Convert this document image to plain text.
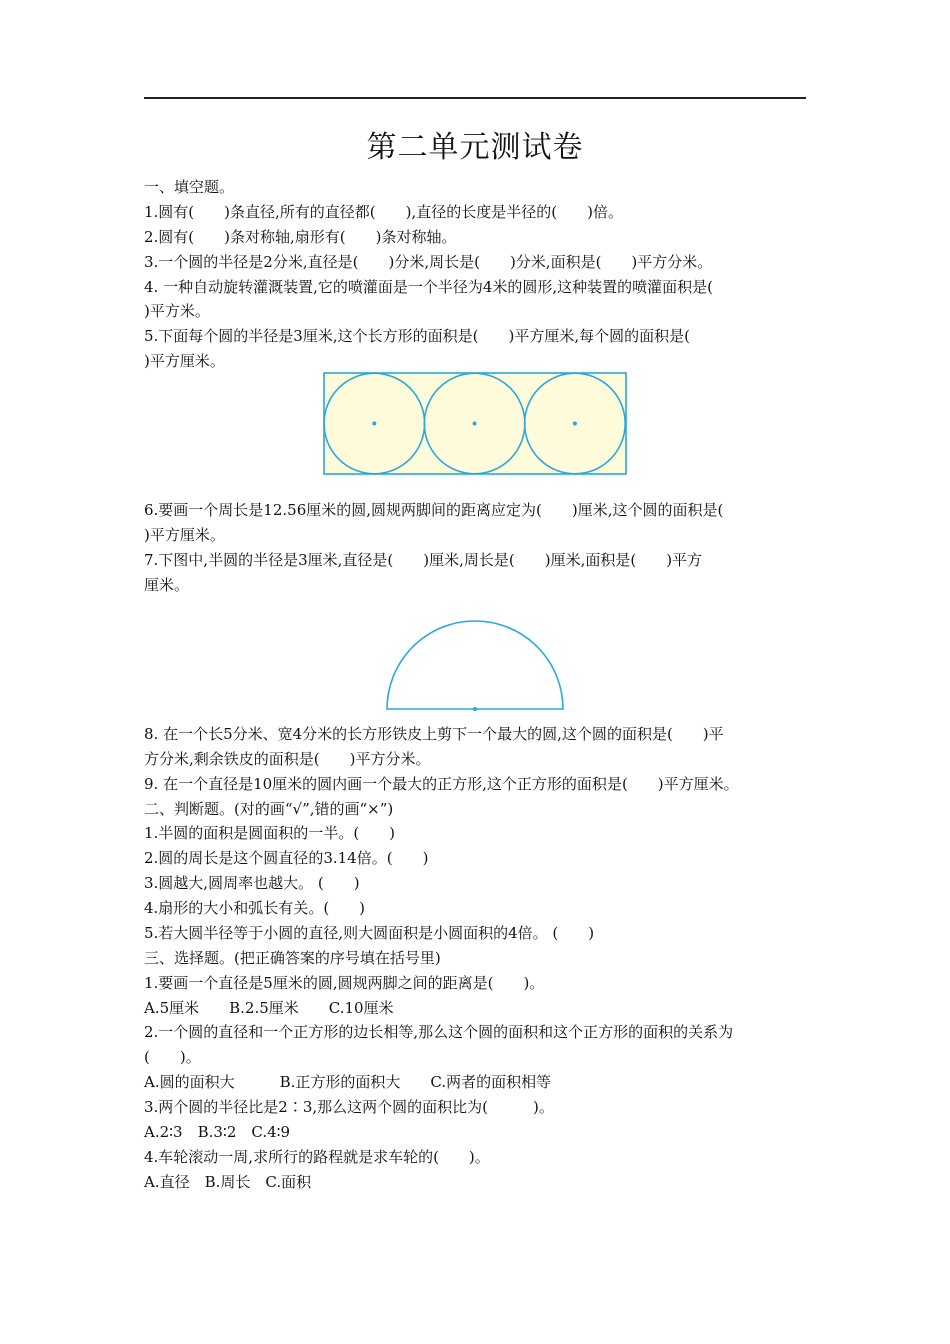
第二单元测试卷
一、填空题。
1.圆有(　　)条直径,所有的直径都(　　),直径的长度是半径的(　　)倍。
2.圆有(　　)条对称轴,扇形有(　　)条对称轴。
3.一个圆的半径是2分米,直径是(　　)分米,周长是(　　)分米,面积是(　　)平方分米。
4. 一种自动旋转灌溉装置,它的喷灌面是一个半径为4米的圆形,这种装置的喷灌面积是(
)平方米。
5.下面每个圆的半径是3厘米,这个长方形的面积是(　　)平方厘米,每个圆的面积是(
)平方厘米。
6.要画一个周长是12.56厘米的圆,圆规两脚间的距离应定为(　　)厘米,这个圆的面积是(
)平方厘米。
7.下图中,半圆的半径是3厘米,直径是(　　)厘米,周长是(　　)厘米,面积是(　　)平方
厘米。
8. 在一个长5分米、宽4分米的长方形铁皮上剪下一个最大的圆,这个圆的面积是(　　)平
方分米,剩余铁皮的面积是(　　)平方分米。
9. 在一个直径是10厘米的圆内画一个最大的正方形,这个正方形的面积是(　　)平方厘米。
二、判断题。(对的画“√”,错的画“×”)
1.半圆的面积是圆面积的一半。(　　)
2.圆的周长是这个圆直径的3.14倍。(　　)
3.圆越大,圆周率也越大。 (　　)
4.扇形的大小和弧长有关。(　　)
5.若大圆半径等于小圆的直径,则大圆面积是小圆面积的4倍。 (　　)
三、选择题。(把正确答案的序号填在括号里)
1.要画一个直径是5厘米的圆,圆规两脚之间的距离是(　　)。
A.5厘米　　B.2.5厘米　　C.10厘米
2.一个圆的直径和一个正方形的边长相等,那么这个圆的面积和这个正方形的面积的关系为
(　　)。
A.圆的面积大　　　B.正方形的面积大　　C.两者的面积相等
3.两个圆的半径比是2∶3,那么这两个圆的面积比为(　　　)。
A.2∶3　B.3∶2　C.4∶9
4.车轮滚动一周,求所行的路程就是求车轮的(　　)。
A.直径　B.周长　C.面积
